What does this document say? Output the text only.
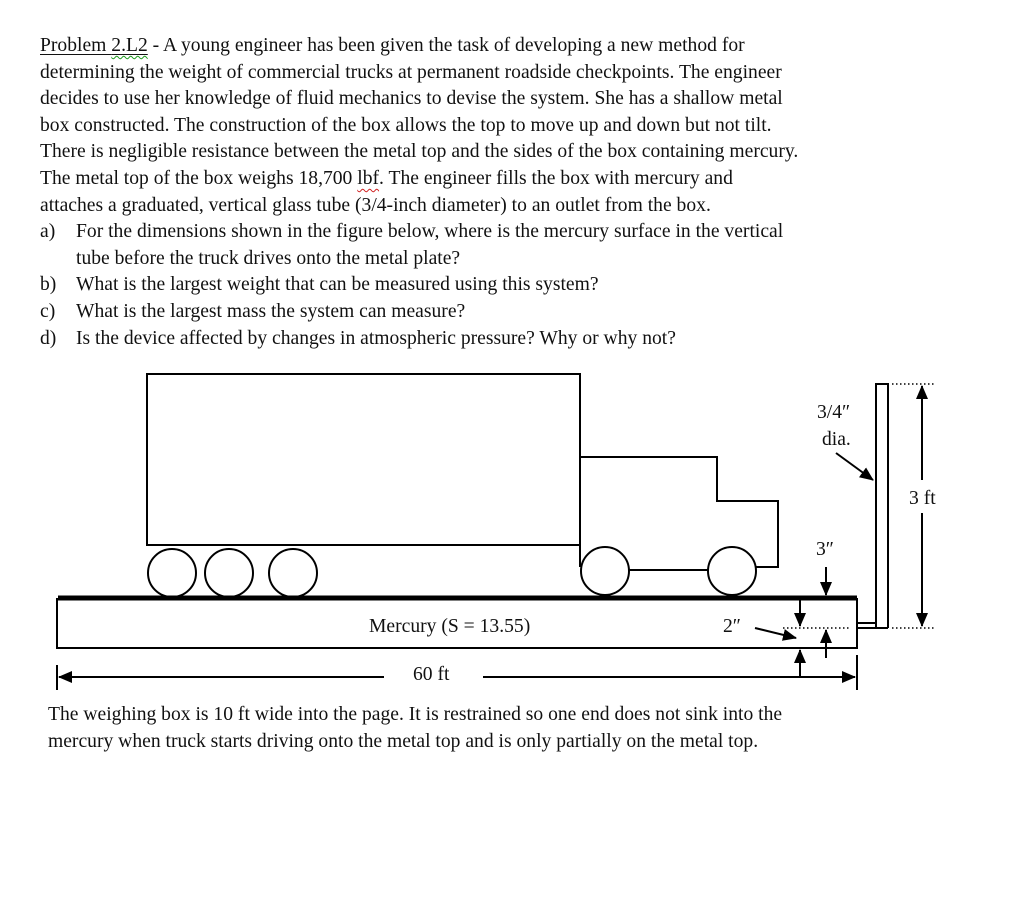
Problem 2.L2 - A young engineer has been given the task of developing a new method for
determining the weight of commercial trucks at permanent roadside checkpoints. The engineer
decides to use her knowledge of fluid mechanics to devise the system. She has a shallow metal
box constructed. The construction of the box allows the top to move up and down but not tilt.
There is negligible resistance between the metal top and the sides of the box containing mercury.
The metal top of the box weighs 18,700 lbf. The engineer fills the box with mercury and
attaches a graduated, vertical glass tube (3/4-inch diameter) to an outlet from the box.
a) For the dimensions shown in the figure below, where is the mercury surface in the vertical
tube before the truck drives onto the metal plate?
b) What is the largest weight that can be measured using this system?
c) What is the largest mass the system can measure?
d) Is the device affected by changes in atmospheric pressure? Why or why not?
3/4″
dia.
3 ft
3″
Mercury (S = 13.55)	2″
60 ft
The weighing box is 10 ft wide into the page. It is restrained so one end does not sink into the
mercury when truck starts driving onto the metal top and is only partially on the metal top.
